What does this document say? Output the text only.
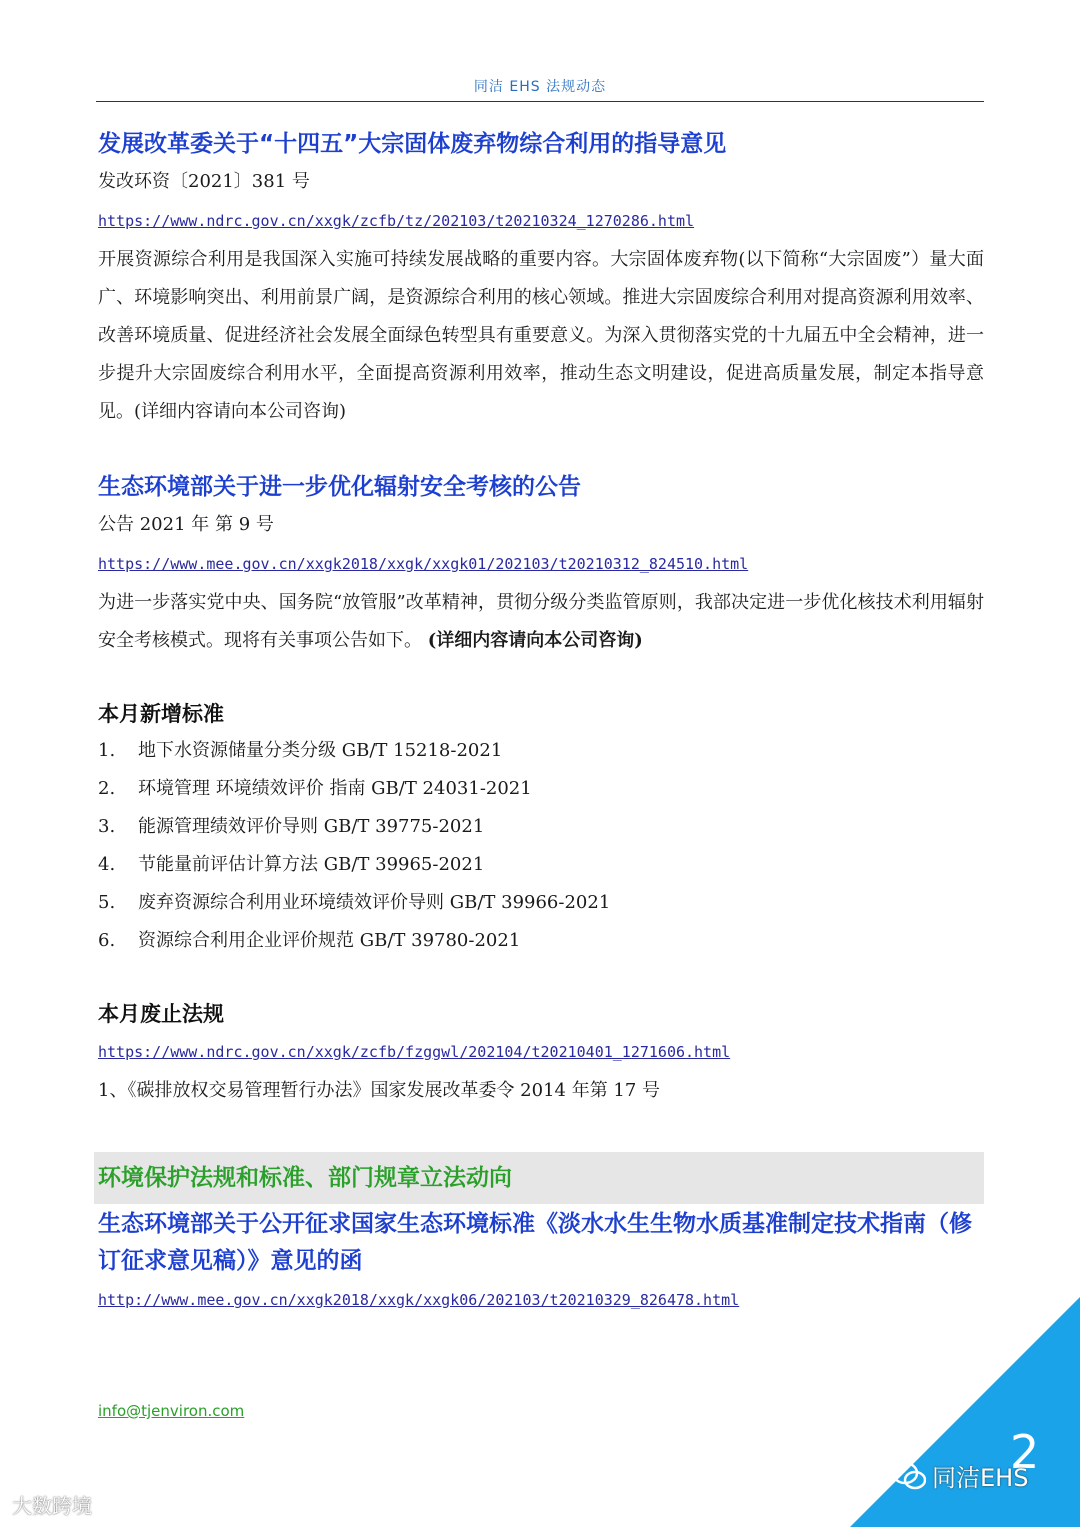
同洁 EHS 法规动态
发展改革委关于“十四五”大宗固体废弃物综合利用的指导意见

发改环资〔2021〕381 号

https://www.ndrc.gov.cn/xxgk/zcfb/tz/202103/t20210324_1270286.html

开展资源综合利用是我国深入实施可持续发展战略的重要内容。大宗固体废弃物(以下简称“大宗固废”）量大面广、环境影响突出、利用前景广阔，是资源综合利用的核心领域。推进大宗固废综合利用对提高资源利用效率、改善环境质量、促进经济社会发展全面绿色转型具有重要意义。为深入贯彻落实党的十九届五中全会精神，进一步提升大宗固废综合利用水平，全面提高资源利用效率，推动生态文明建设，促进高质量发展，制定本指导意见。(详细内容请向本公司咨询)

生态环境部关于进一步优化辐射安全考核的公告

公告 2021 年 第 9 号

https://www.mee.gov.cn/xxgk2018/xxgk/xxgk01/202103/t20210312_824510.html

为进一步落实党中央、国务院“放管服”改革精神，贯彻分级分类监管原则，我部决定进一步优化核技术利用辐射安全考核模式。现将有关事项公告如下。 (详细内容请向本公司咨询)

本月新增标准
1.	地下水资源储量分类分级 GB/T 15218-2021
2.	环境管理 环境绩效评价 指南 GB/T 24031-2021
3.	能源管理绩效评价导则 GB/T 39775-2021
4.	节能量前评估计算方法 GB/T 39965-2021
5.	废弃资源综合利用业环境绩效评价导则 GB/T 39966-2021
6.	资源综合利用企业评价规范 GB/T 39780-2021
本月废止法规
https://www.ndrc.gov.cn/xxgk/zcfb/fzggwl/202104/t20210401_1271606.html

1、《碳排放权交易管理暂行办法》国家发展改革委令 2014 年第 17 号

环境保护法规和标准、部门规章立法动向
生态环境部关于公开征求国家生态环境标准《淡水水生生物水质基准制定技术指南（修订征求意见稿）》意见的函
http://www.mee.gov.cn/xxgk2018/xxgk/xxgk06/202103/t20210329_826478.html
info@tjenviron.com
2
同洁EHS
大数跨境
